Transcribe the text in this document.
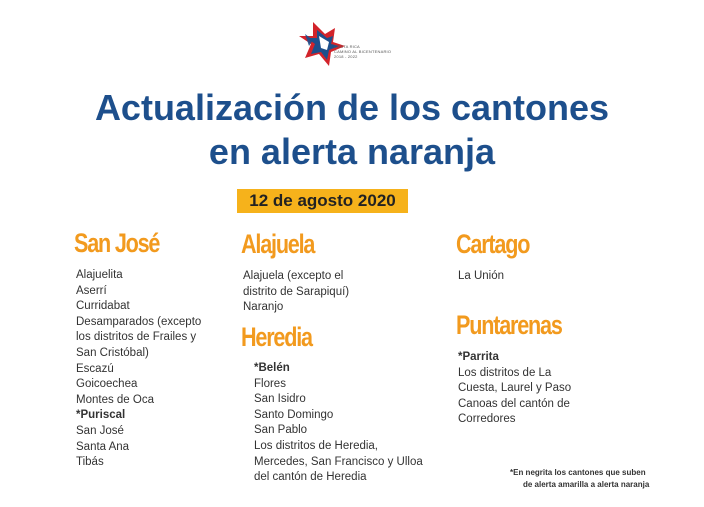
COSTA RICA
CAMINO AL BICENTENARIO
2018 - 2022
Actualización de los cantones
en alerta naranja
12 de agosto 2020
San José
Alajuelita
Aserrí
Curridabat
Desamparados (excepto
los distritos de Frailes y
San Cristóbal)
Escazú
Goicoechea
Montes de Oca
*Puriscal
San José
Santa Ana
Tibás
Alajuela
Alajuela (excepto el
distrito de Sarapiquí)
Naranjo
Heredia
*Belén
Flores
San Isidro
Santo Domingo
San Pablo
Los distritos de Heredia,
Mercedes, San Francisco y Ulloa
del cantón de Heredia
Cartago
La Unión
Puntarenas
*Parrita
Los distritos de La
Cuesta, Laurel y Paso
Canoas del cantón de
Corredores
*En negrita los cantones que suben
de alerta amarilla a alerta naranja
